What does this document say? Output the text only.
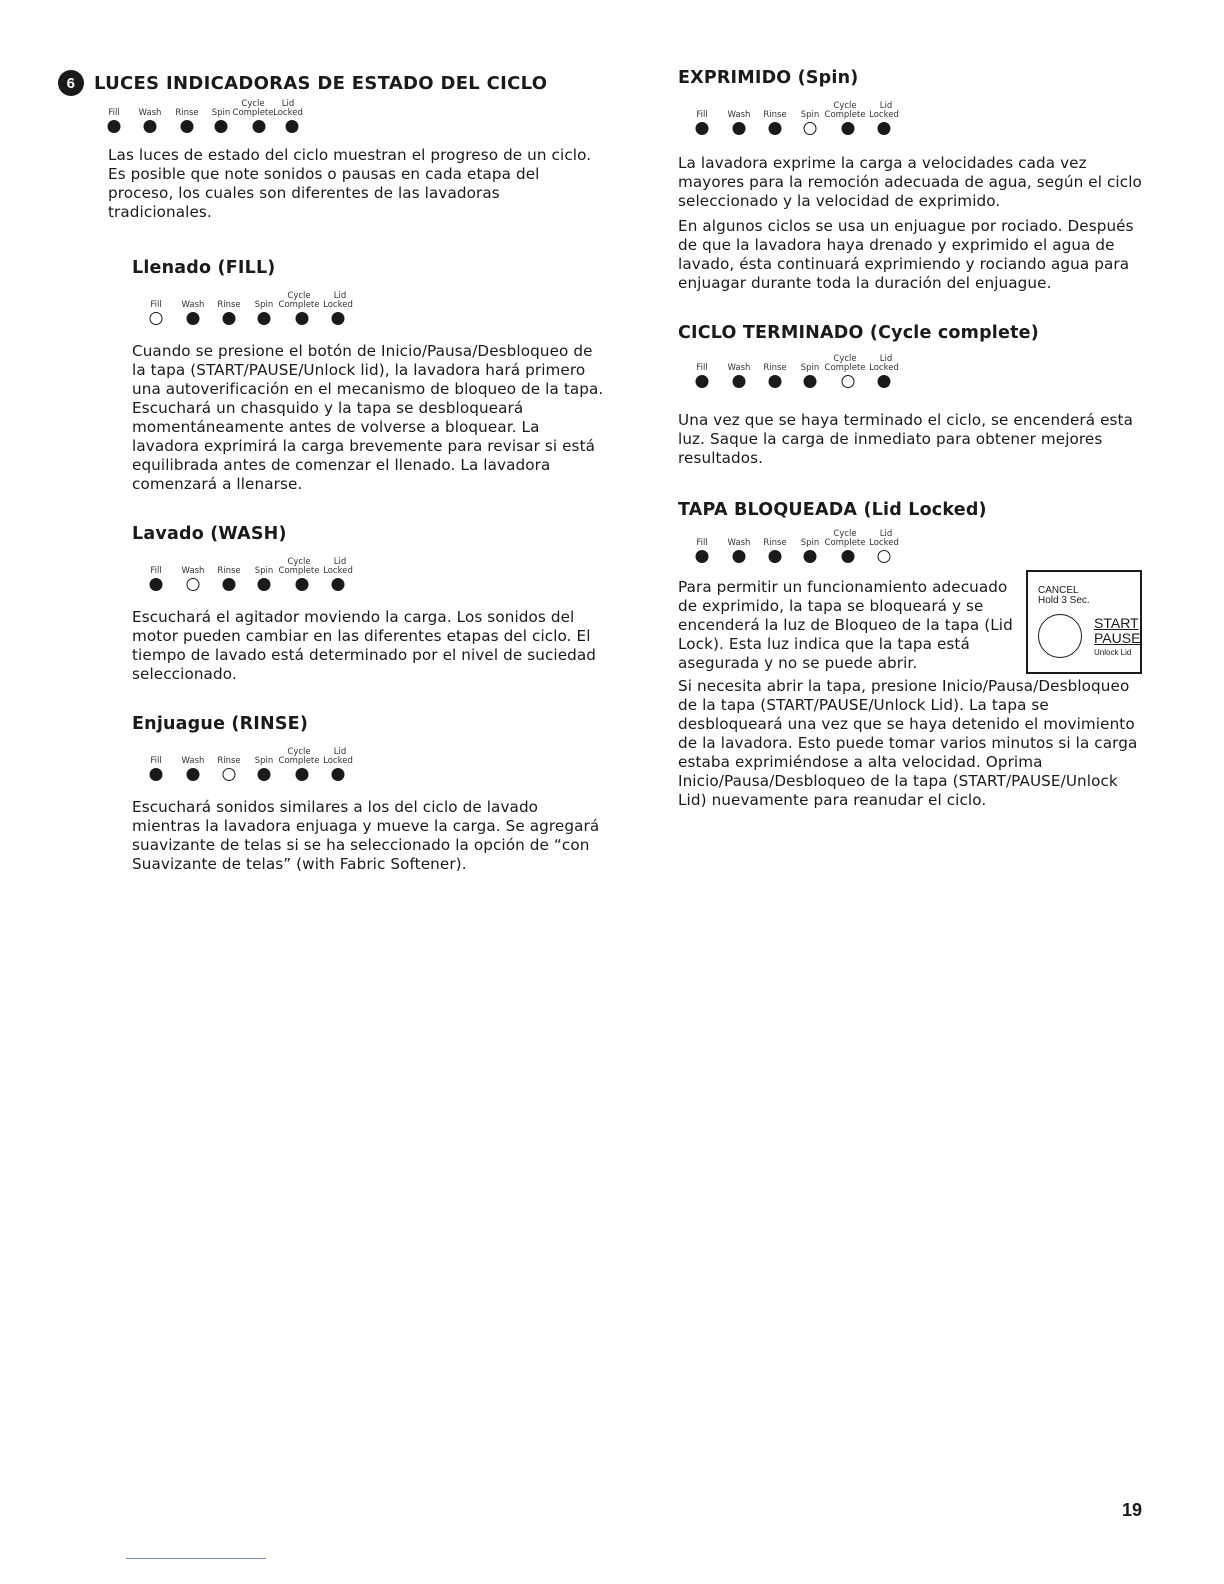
6	LUCES INDICADORAS DE ESTADO DEL CICLO
Fill Wash Rinse Spin
Cycle
Complete
Lid
Locked

Las luces de estado del ciclo muestran el progreso de un ciclo. Es posible que note sonidos o pausas en cada etapa del proceso, los cuales son diferentes de las lavadoras tradicionales.

Llenado (FILL)
Fill Wash Rinse Spin
Cycle
Complete
Lid
Locked

Cuando se presione el botón de Inicio/Pausa/Desbloqueo de la tapa (START/PAUSE/Unlock lid), la lavadora hará primero una autoverificación en el mecanismo de bloqueo de la tapa. Escuchará un chasquido y la tapa se desbloqueará momentáneamente antes de volverse a bloquear. La lavadora exprimirá la carga brevemente para revisar si está equilibrada antes de comenzar el llenado. La lavadora comenzará a llenarse.

Lavado (WASH)
Fill Wash Rinse Spin
Cycle
Complete
Lid
Locked

Escuchará el agitador moviendo la carga. Los sonidos del motor pueden cambiar en las diferentes etapas del ciclo. El tiempo de lavado está determinado por el nivel de suciedad seleccionado.

Enjuague (RINSE)
Fill Wash Rinse Spin
Cycle
Complete
Lid
Locked

Escuchará sonidos similares a los del ciclo de lavado mientras la lavadora enjuaga y mueve la carga. Se agregará suavizante de telas si se ha seleccionado la opción de “con Suavizante de telas” (with Fabric Softener).

EXPRIMIDO (Spin)
Fill Wash Rinse Spin
Cycle
Complete
Lid
Locked

La lavadora exprime la carga a velocidades cada vez mayores para la remoción adecuada de agua, según el ciclo seleccionado y la velocidad de exprimido.

En algunos ciclos se usa un enjuague por rociado. Después de que la lavadora haya drenado y exprimido el agua de lavado, ésta continuará exprimiendo y rociando agua para enjuagar durante toda la duración del enjuague.

CICLO TERMINADO (Cycle complete)
Fill Wash Rinse Spin
Cycle
Complete
Lid
Locked

Una vez que se haya terminado el ciclo, se encenderá esta luz. Saque la carga de inmediato para obtener mejores resultados.

TAPA BLOQUEADA (Lid Locked)
Fill Wash Rinse Spin
Cycle
Complete
Lid
Locked
CANCEL
Hold 3 Sec.
START
PAUSE
Unlock Lid

Para permitir un funcionamiento adecuado de exprimido, la tapa se bloqueará y se encenderá la luz de Bloqueo de la tapa (Lid Lock). Esta luz indica que la tapa está asegurada y no se puede abrir.

Si necesita abrir la tapa, presione Inicio/Pausa/Desbloqueo de la tapa (START/PAUSE/Unlock Lid). La tapa se desbloqueará una vez que se haya detenido el movimiento de la lavadora. Esto puede tomar varios minutos si la carga estaba exprimiéndose a alta velocidad. Oprima Inicio/Pausa/Desbloqueo de la tapa (START/PAUSE/Unlock Lid) nuevamente para reanudar el ciclo.

19
